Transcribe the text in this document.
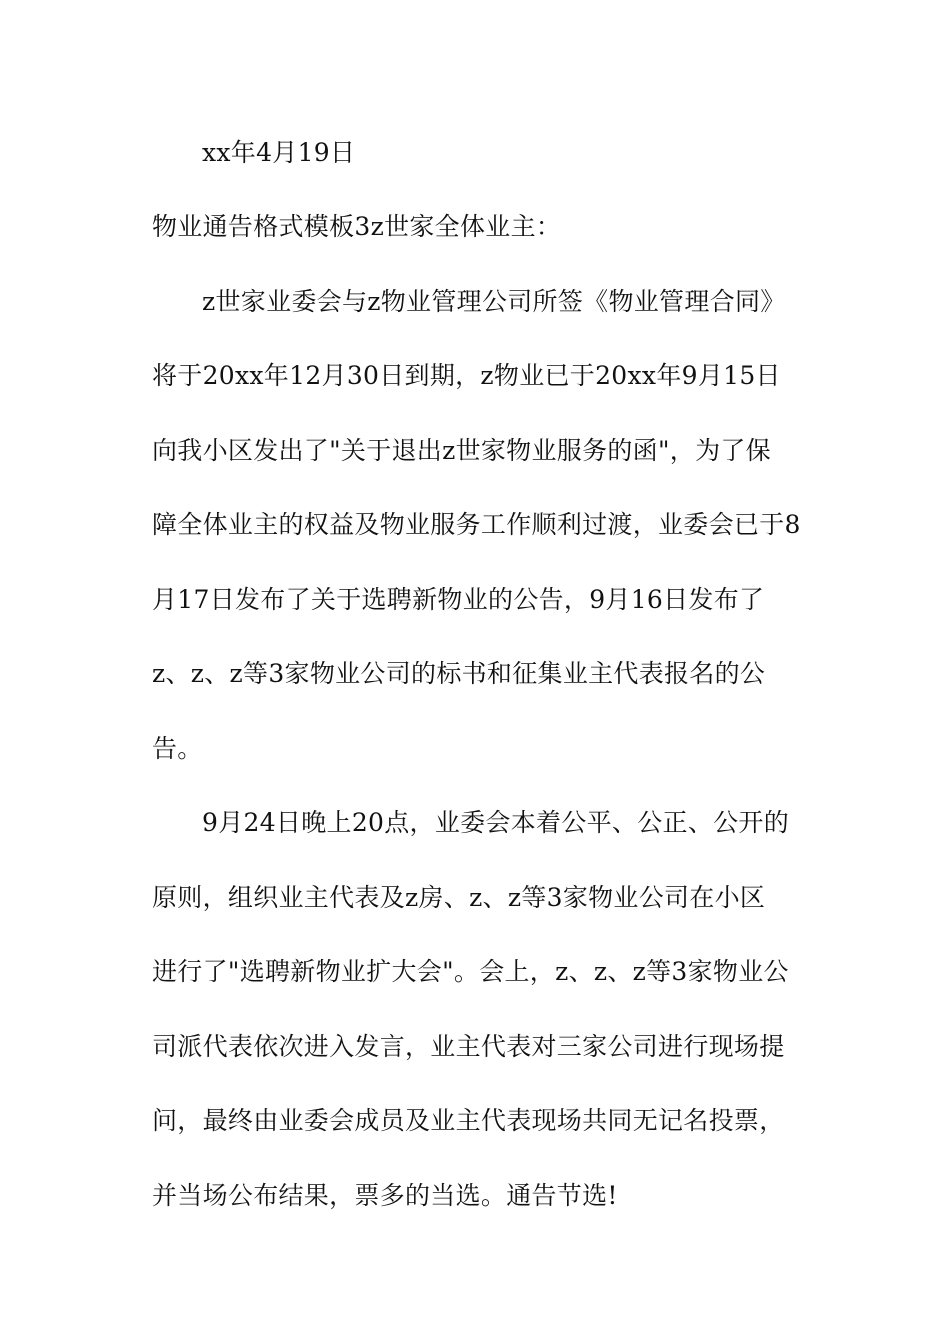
xx年4月19日
物业通告格式模板3z世家全体业主：
z世家业委会与z物业管理公司所签《物业管理合同》
将于20xx年12月30日到期，z物业已于20xx年9月15日
向我小区发出了"关于退出z世家物业服务的函"，为了保
障全体业主的权益及物业服务工作顺利过渡，业委会已于8
月17日发布了关于选聘新物业的公告，9月16日发布了
z、z、z等3家物业公司的标书和征集业主代表报名的公
告。
9月24日晚上20点，业委会本着公平、公正、公开的
原则，组织业主代表及z房、z、z等3家物业公司在小区
进行了"选聘新物业扩大会"。会上，z、z、z等3家物业公
司派代表依次进入发言，业主代表对三家公司进行现场提
问，最终由业委会成员及业主代表现场共同无记名投票，
并当场公布结果，票多的当选。通告节选!
